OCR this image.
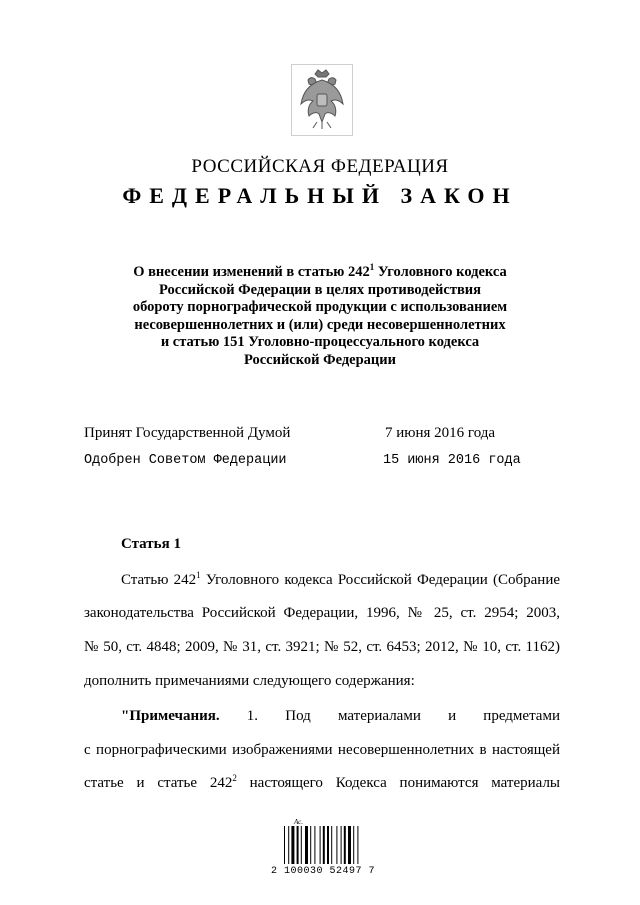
РОССИЙСКАЯ ФЕДЕРАЦИЯ
ФЕДЕРАЛЬНЫЙ ЗАКОН
О внесении изменений в статью $242^1$ Уголовного кодекса
Российской Федерации в целях противодействия
обороту порнографической продукции с использованием
несовершеннолетних и (или) среди несовершеннолетних
и статью 151 Уголовно-процессуального кодекса
Российской Федерации
Принят Государственной Думой	7 июня 2016 года
Одобрен Советом Федерации	15 июня 2016 года
Статья 1
Статью $242^1$ Уголовного кодекса Российской Федерации (Собрание
законодательства Российской Федерации, 1996, № 25, ст. 2954; 2003,
№ 50, ст. 4848; 2009, № 31, ст. 3921; № 52, ст. 6453; 2012, № 10, ст. 1162)
дополнить примечаниями следующего содержания:
"Примечания. 1. Под материалами и предметами
с порнографическими изображениями несовершеннолетних в настоящей
статье и статье $242^2$ настоящего Кодекса понимаются материалы
Ас.
2 100030 52497 7
